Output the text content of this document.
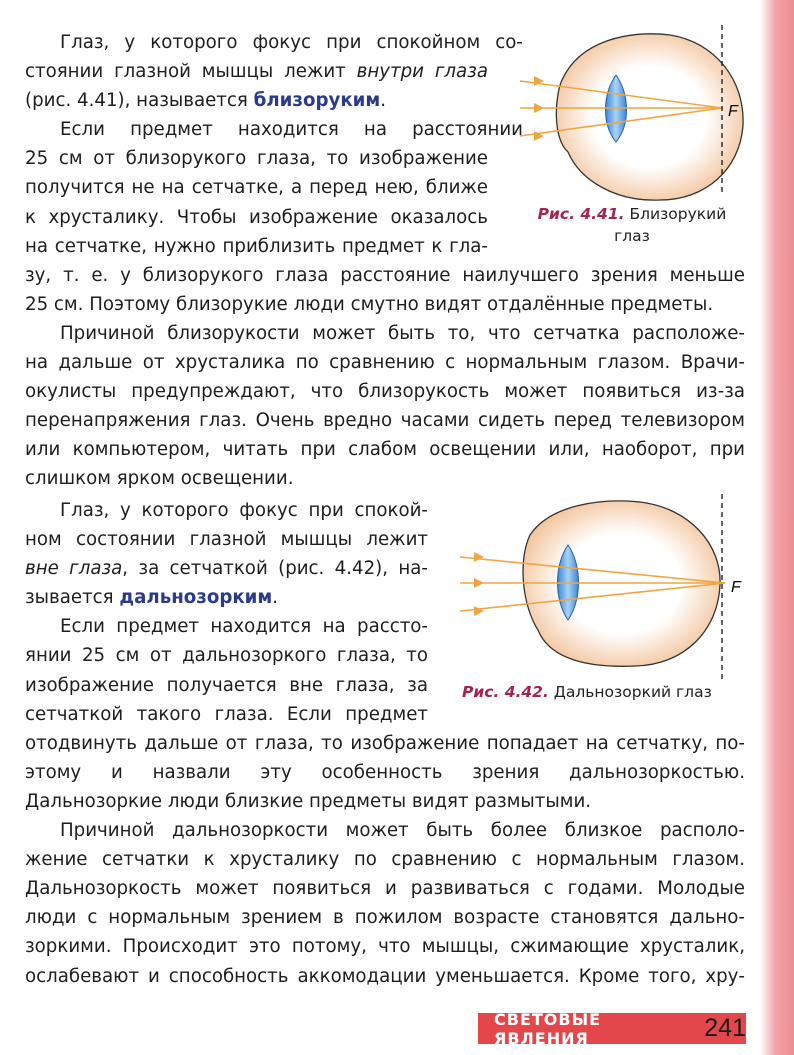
Глаз, у которого фокус при спокойном со-
стоянии глазной мышцы лежит внутри глаза
(рис. 4.41), называется близоруким.
Если предмет находится на расстоянии
25 см от близорукого глаза, то изображение
получится не на сетчатке, а перед нею, ближе
к хрусталику. Чтобы изображение оказалось
на сетчатке, нужно приблизить предмет к гла-
зу, т. е. у близорукого глаза расстояние наилучшего зрения меньше
25 см. Поэтому близорукие люди смутно видят отдалённые предметы.
Причиной близорукости может быть то, что сетчатка расположе-
на дальше от хрусталика по сравнению с нормальным глазом. Врачи-
окулисты предупреждают, что близорукость может появиться из-за
перенапряжения глаз. Очень вредно часами сидеть перед телевизором
или компьютером, читать при слабом освещении или, наоборот, при
слишком ярком освещении.
Глаз, у которого фокус при спокой-
ном состоянии глазной мышцы лежит
вне глаза, за сетчаткой (рис. 4.42), на-
зывается дальнозорким.
Если предмет находится на рассто-
янии 25 см от дальнозоркого глаза, то
изображение получается вне глаза, за
сетчаткой такого глаза. Если предмет
отодвинуть дальше от глаза, то изображение попадает на сетчатку, по-
этому и назвали эту особенность зрения дальнозоркостью.
Дальнозоркие люди близкие предметы видят размытыми.
Причиной дальнозоркости может быть более близкое располо-
жение сетчатки к хрусталику по сравнению с нормальным глазом.
Дальнозоркость может появиться и развиваться с годами. Молодые
люди с нормальным зрением в пожилом возрасте становятся дально-
зоркими. Происходит это потому, что мышцы, сжимающие хрусталик,
ослабевают и способность аккомодации уменьшается. Кроме того, хру-
F
Рис. 4.41. Близорукий
глаз
F
Рис. 4.42. Дальнозоркий глаз
СВЕТОВЫЕ ЯВЛЕНИЯ	241
